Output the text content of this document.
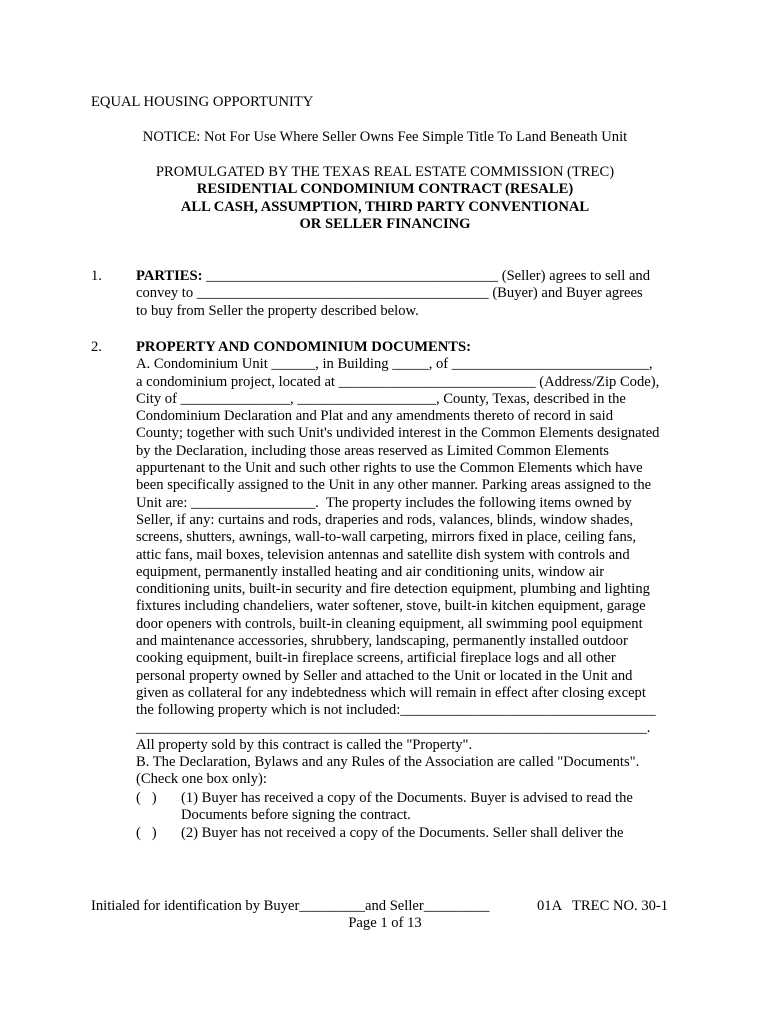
EQUAL HOUSING OPPORTUNITY
NOTICE: Not For Use Where Seller Owns Fee Simple Title To Land Beneath Unit
PROMULGATED BY THE TEXAS REAL ESTATE COMMISSION (TREC)
RESIDENTIAL CONDOMINIUM CONTRACT (RESALE)
ALL CASH, ASSUMPTION, THIRD PARTY CONVENTIONAL
OR SELLER FINANCING
1. PARTIES: ________________________________________ (Seller) agrees to sell and
convey to ________________________________________ (Buyer) and Buyer agrees
to buy from Seller the property described below.
2. PROPERTY AND CONDOMINIUM DOCUMENTS:
A. Condominium Unit ______, in Building _____, of ___________________________,
a condominium project, located at ___________________________ (Address/Zip Code),
City of _______________, ___________________, County, Texas, described in the
Condominium Declaration and Plat and any amendments thereto of record in said
County; together with such Unit's undivided interest in the Common Elements designated
by the Declaration, including those areas reserved as Limited Common Elements
appurtenant to the Unit and such other rights to use the Common Elements which have
been specifically assigned to the Unit in any other manner. Parking areas assigned to the
Unit are: _________________.  The property includes the following items owned by
Seller, if any: curtains and rods, draperies and rods, valances, blinds, window shades,
screens, shutters, awnings, wall-to-wall carpeting, mirrors fixed in place, ceiling fans,
attic fans, mail boxes, television antennas and satellite dish system with controls and
equipment, permanently installed heating and air conditioning units, window air
conditioning units, built-in security and fire detection equipment, plumbing and lighting
fixtures including chandeliers, water softener, stove, built-in kitchen equipment, garage
door openers with controls, built-in cleaning equipment, all swimming pool equipment
and maintenance accessories, shrubbery, landscaping, permanently installed outdoor
cooking equipment, built-in fireplace screens, artificial fireplace logs and all other
personal property owned by Seller and attached to the Unit or located in the Unit and
given as collateral for any indebtedness which will remain in effect after closing except
the following property which is not included:___________________________________
______________________________________________________________________.
All property sold by this contract is called the "Property".
B. The Declaration, Bylaws and any Rules of the Association are called "Documents".
(Check one box only):
(   ) (1) Buyer has received a copy of the Documents. Buyer is advised to read the
Documents before signing the contract.
(   ) (2) Buyer has not received a copy of the Documents. Seller shall deliver the
Initialed for identification by Buyer_________and Seller_________	01A   TREC NO. 30-1
Page 1 of 13
